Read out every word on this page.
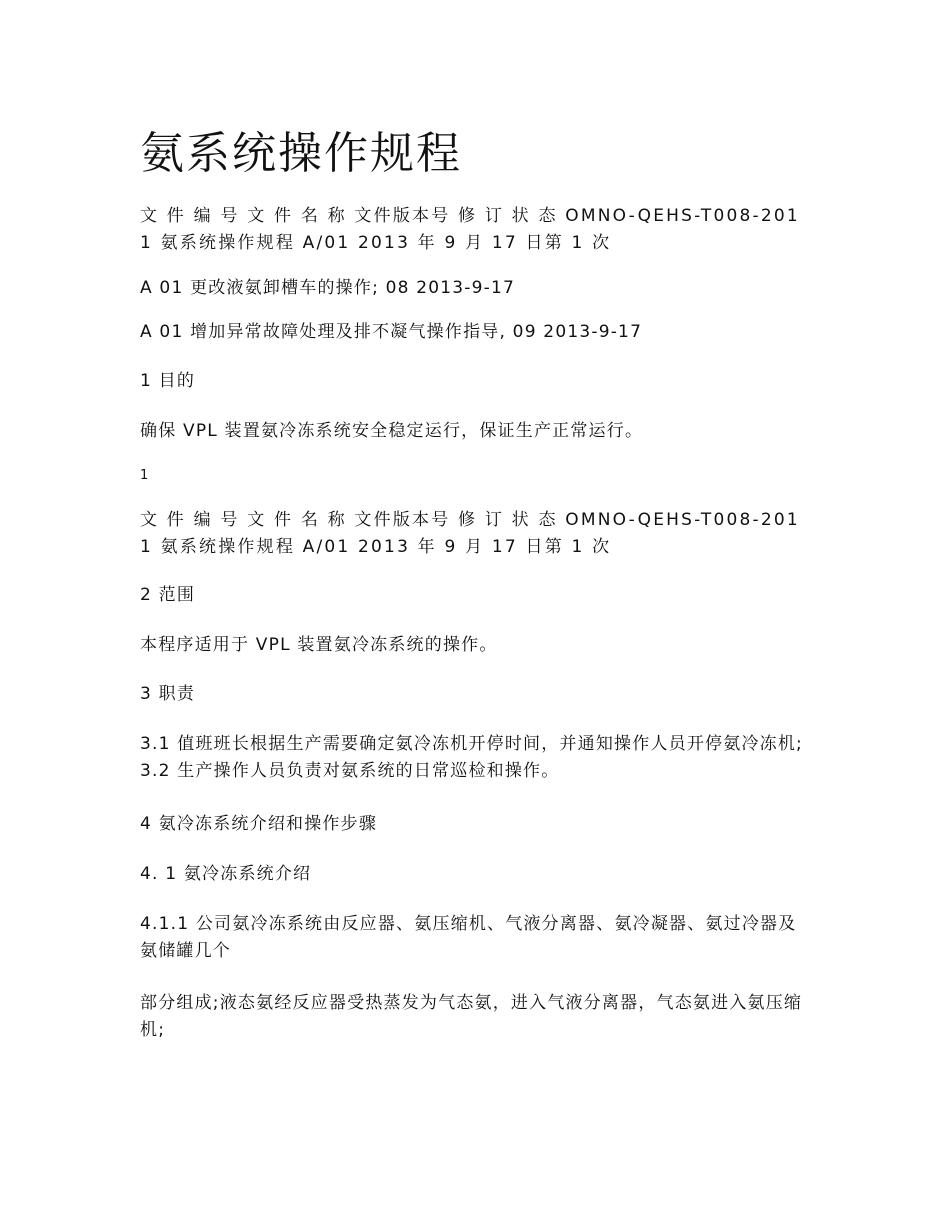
氨系统操作规程

文 件 编 号 文 件 名 称 文件版本号 修 订 状 态 OMNO-QEHS-T008-2011 氨系统操作规程 A/01 2013 年 9 月 17 日第 1 次

A 01 更改液氨卸槽车的操作; 08 2013-9-17

A 01 增加异常故障处理及排不凝气操作指导, 09 2013-9-17

1 目的

确保 VPL 装置氨冷冻系统安全稳定运行，保证生产正常运行。

1

文 件 编 号 文 件 名 称 文件版本号 修 订 状 态 OMNO-QEHS-T008-2011 氨系统操作规程 A/01 2013 年 9 月 17 日第 1 次

2 范围

本程序适用于 VPL 装置氨冷冻系统的操作。

3 职责

3.1 值班班长根据生产需要确定氨冷冻机开停时间，并通知操作人员开停氨冷冻机; 3.2 生产操作人员负责对氨系统的日常巡检和操作。

4 氨冷冻系统介绍和操作步骤

4. 1 氨冷冻系统介绍

4.1.1 公司氨冷冻系统由反应器、氨压缩机、气液分离器、氨冷凝器、氨过冷器及氨储罐几个

部分组成;液态氨经反应器受热蒸发为气态氨，进入气液分离器，气态氨进入氨压缩机;
